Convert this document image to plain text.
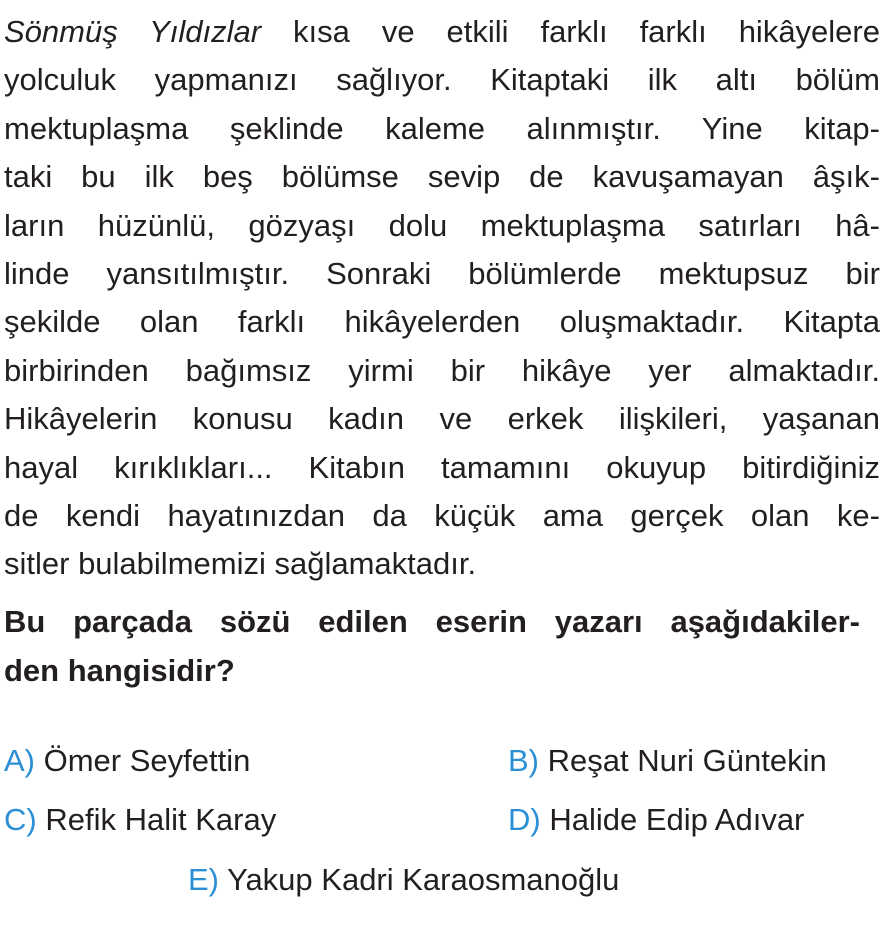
Sönmüş Yıldızlar kısa ve etkili farklı farklı hikâyelere
yolculuk yapmanızı sağlıyor. Kitaptaki ilk altı bölüm
mektuplaşma şeklinde kaleme alınmıştır. Yine kitap-
taki bu ilk beş bölümse sevip de kavuşamayan âşık-
ların hüzünlü, gözyaşı dolu mektuplaşma satırları hâ-
linde yansıtılmıştır. Sonraki bölümlerde mektupsuz bir
şekilde olan farklı hikâyelerden oluşmaktadır. Kitapta
birbirinden bağımsız yirmi bir hikâye yer almaktadır.
Hikâyelerin konusu kadın ve erkek ilişkileri, yaşanan
hayal kırıklıkları... Kitabın tamamını okuyup bitirdiğiniz
de kendi hayatınızdan da küçük ama gerçek olan ke-
sitler bulabilmemizi sağlamaktadır.
Bu parçada sözü edilen eserin yazarı aşağıdakiler-
den hangisidir?
A) Ömer Seyfettin	B) Reşat Nuri Güntekin
C) Refik Halit Karay	D) Halide Edip Adıvar
E) Yakup Kadri Karaosmanoğlu
